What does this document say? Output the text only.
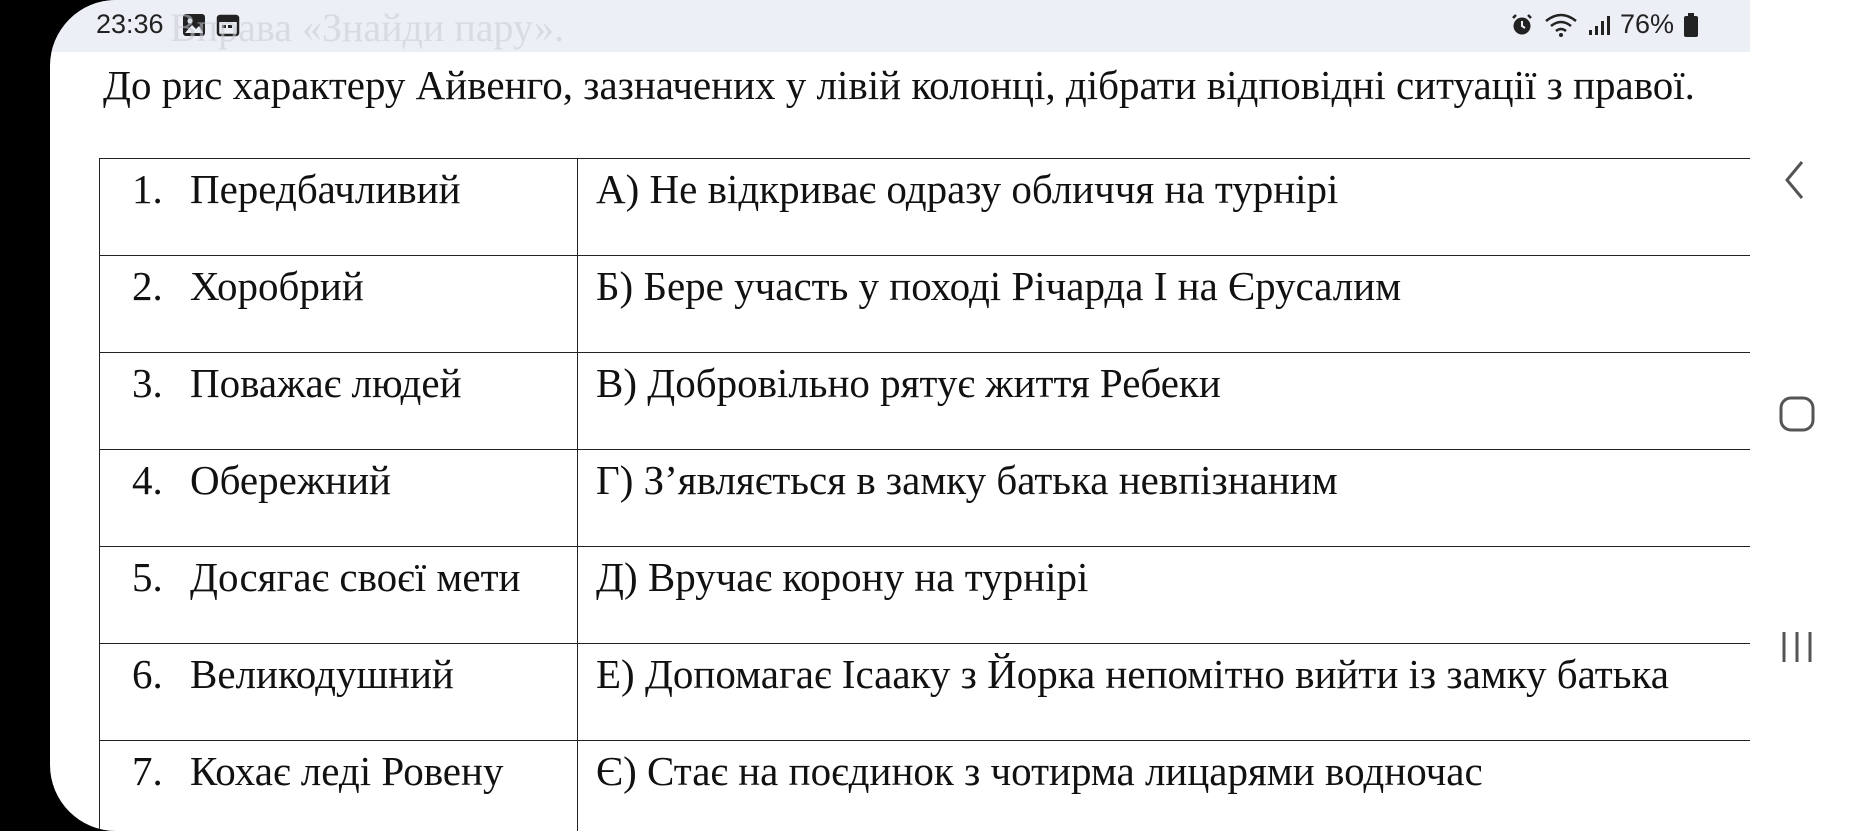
23:36	76%
Вправа «Знайди пару».
До рис характеру Айвенго, зазначених у лівій колонці, дібрати відповідні ситуації з правої.
1. Передбачливий	А) Не відкриває одразу обличчя на турнірі
2. Хоробрий	Б) Бере участь у поході Річарда І на Єрусалим
3. Поважає людей	В) Добровільно рятує життя Ребеки
4. Обережний	Г) З’являється в замку батька невпізнаним
5. Досягає своєї мети	Д) Вручає корону на турнірі
6. Великодушний	Е) Допомагає Ісааку з Йорка непомітно вийти із замку батька
7. Кохає леді Ровену	Є) Стає на поєдинок з чотирма лицарями водночас
